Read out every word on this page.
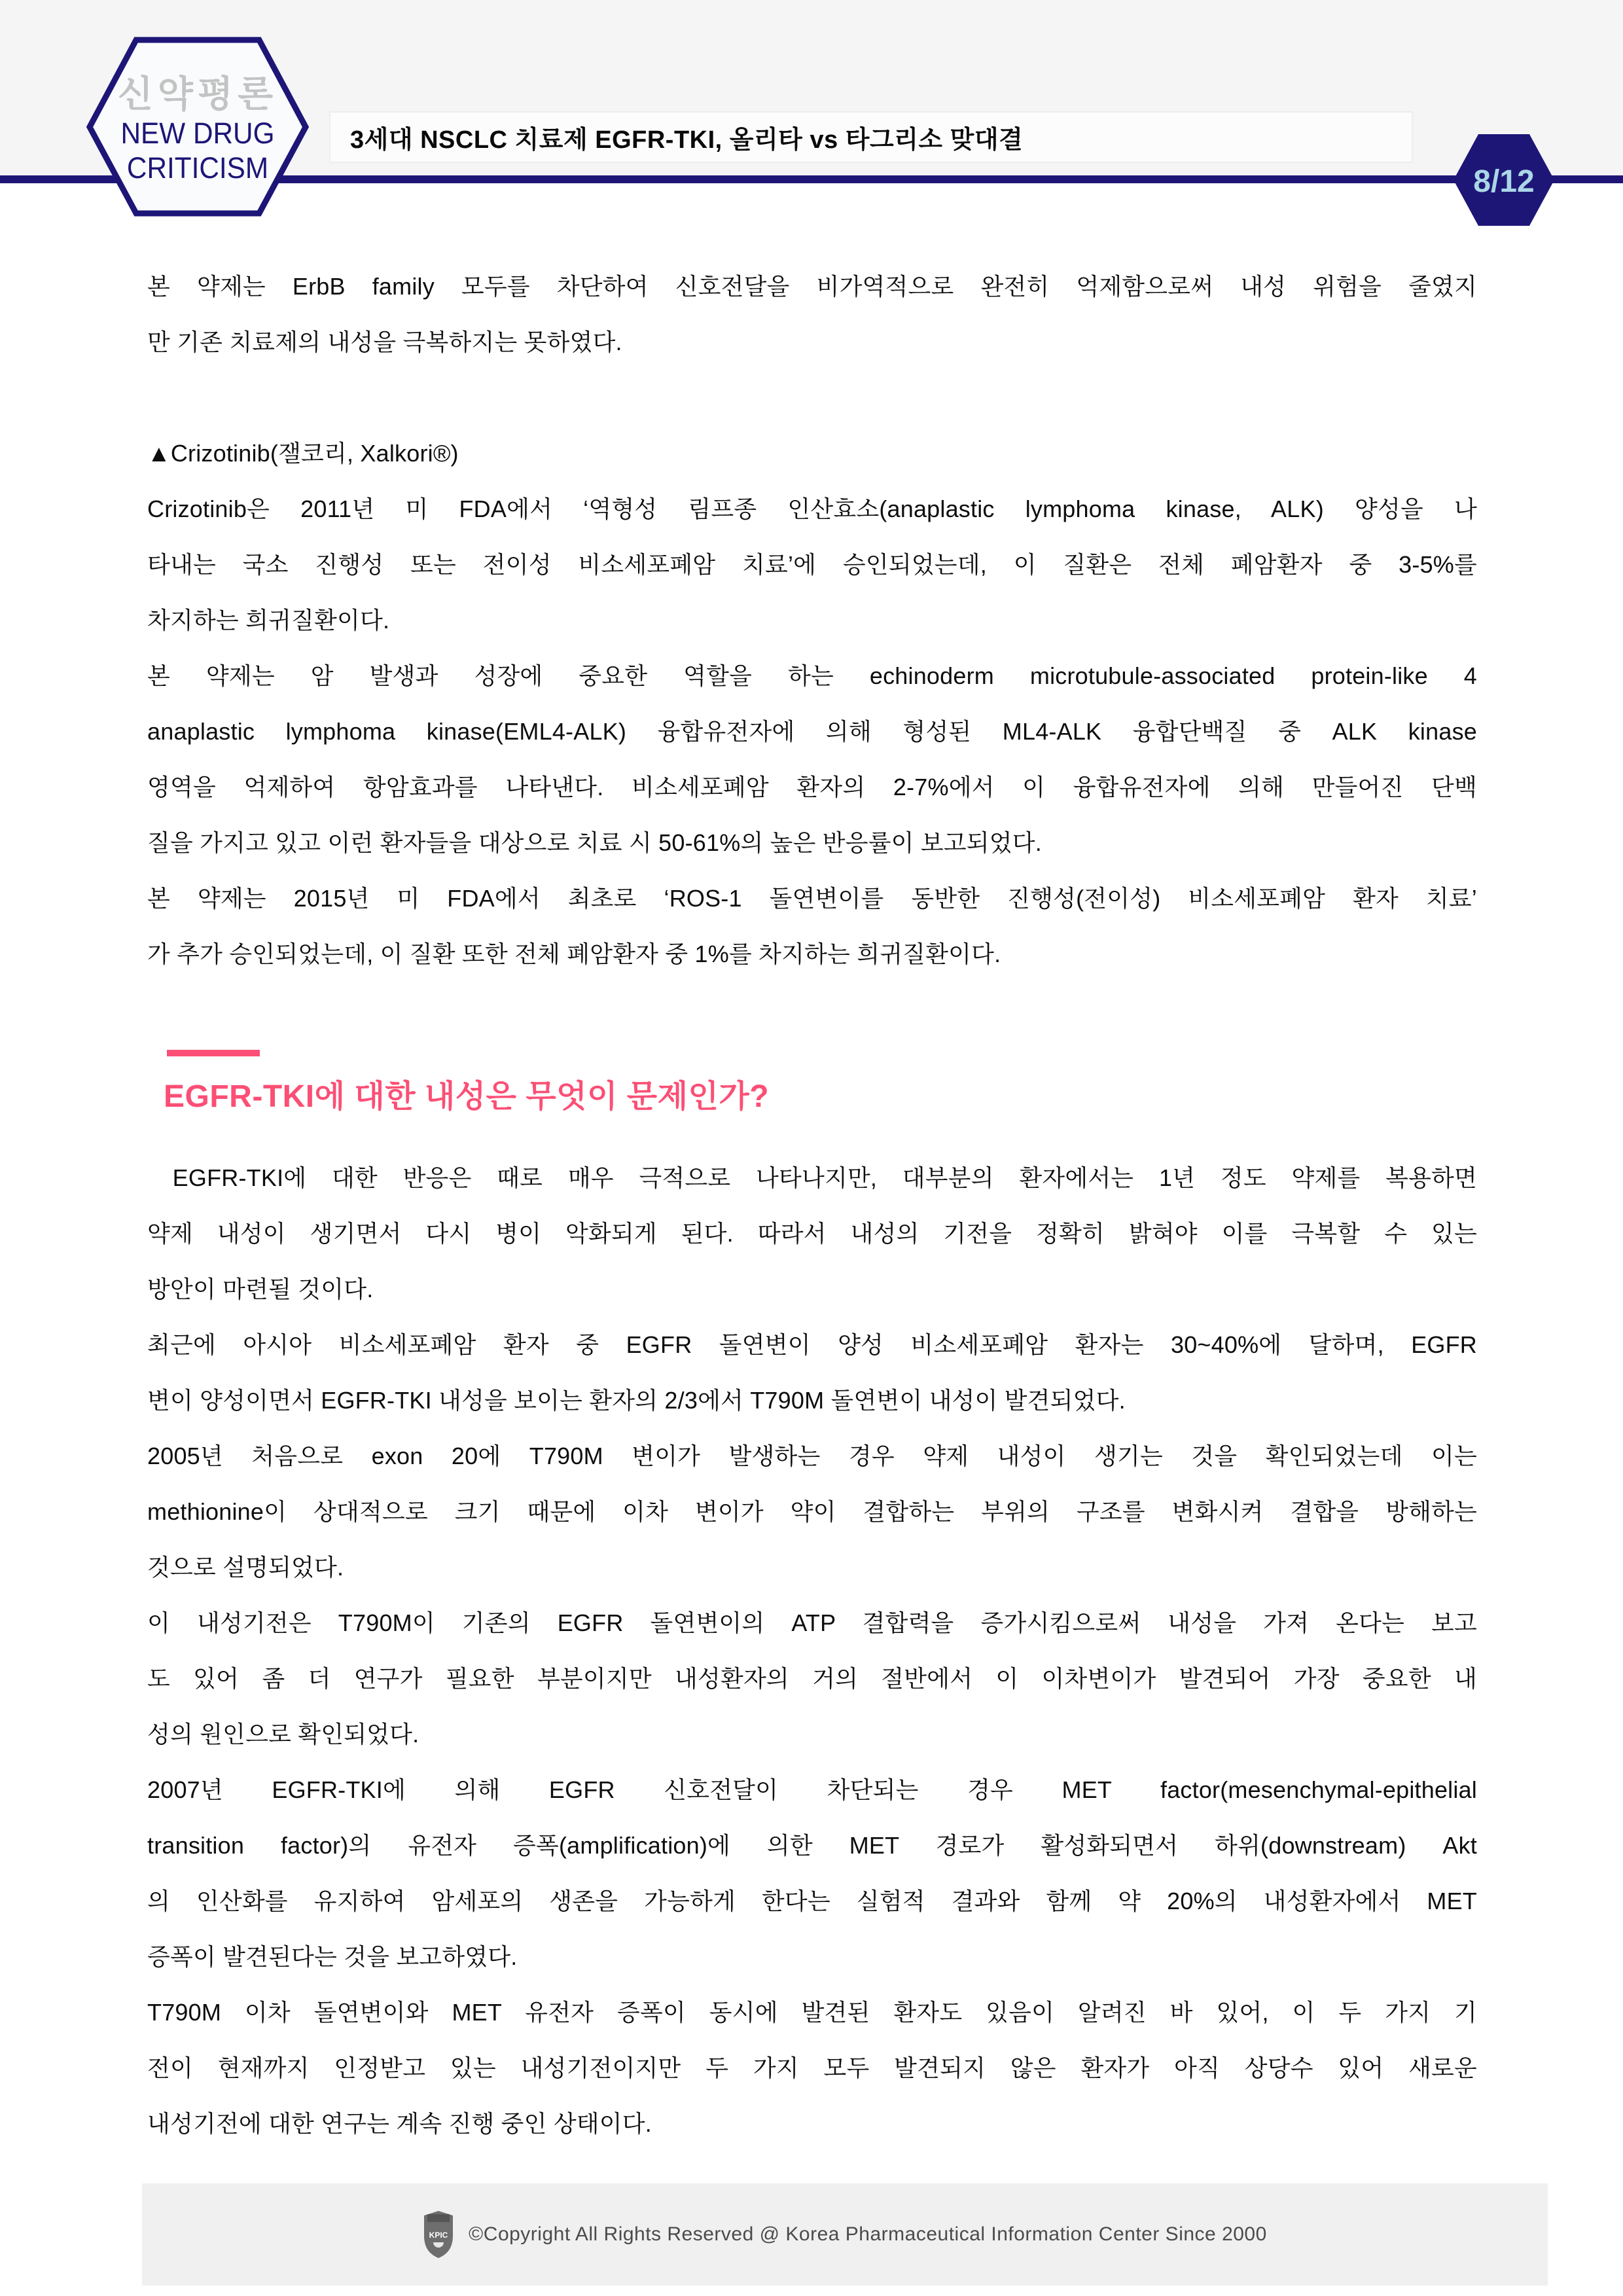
신약평론
NEW DRUG
CRITICISM
3세대 NSCLC 치료제 EGFR-TKI, 올리타 vs 타그리소 맞대결
8/12
본 약제는 ErbB family 모두를 차단하여 신호전달을 비가역적으로 완전히 억제함으로써 내성 위험을 줄였지
만 기존 치료제의 내성을 극복하지는 못하였다.
▲Crizotinib(잴코리, Xalkori®)
Crizotinib은 2011년 미 FDA에서 ‘역형성 림프종 인산효소(anaplastic lymphoma kinase, ALK) 양성을 나
타내는 국소 진행성 또는 전이성 비소세포폐암 치료’에 승인되었는데, 이 질환은 전체 폐암환자 중 3-5%를
차지하는 희귀질환이다.
본 약제는 암 발생과 성장에 중요한 역할을 하는 echinoderm microtubule-associated protein-like 4
anaplastic lymphoma kinase(EML4-ALK) 융합유전자에 의해 형성된 ML4-ALK 융합단백질 중 ALK kinase
영역을 억제하여 항암효과를 나타낸다. 비소세포폐암 환자의 2-7%에서 이 융합유전자에 의해 만들어진 단백
질을 가지고 있고 이런 환자들을 대상으로 치료 시 50-61%의 높은 반응률이 보고되었다.
본 약제는 2015년 미 FDA에서 최초로 ‘ROS-1 돌연변이를 동반한 진행성(전이성) 비소세포폐암 환자 치료’
가 추가 승인되었는데, 이 질환 또한 전체 폐암환자 중 1%를 차지하는 희귀질환이다.
EGFR-TKI에 대한 내성은 무엇이 문제인가?
EGFR-TKI에 대한 반응은 때로 매우 극적으로 나타나지만, 대부분의 환자에서는 1년 정도 약제를 복용하면
약제 내성이 생기면서 다시 병이 악화되게 된다. 따라서 내성의 기전을 정확히 밝혀야 이를 극복할 수 있는
방안이 마련될 것이다.
최근에 아시아 비소세포폐암 환자 중 EGFR 돌연변이 양성 비소세포폐암 환자는 30~40%에 달하며, EGFR
변이 양성이면서 EGFR-TKI 내성을 보이는 환자의 2/3에서 T790M 돌연변이 내성이 발견되었다.
2005년 처음으로 exon 20에 T790M 변이가 발생하는 경우 약제 내성이 생기는 것을 확인되었는데 이는
methionine이 상대적으로 크기 때문에 이차 변이가 약이 결합하는 부위의 구조를 변화시켜 결합을 방해하는
것으로 설명되었다.
이 내성기전은 T790M이 기존의 EGFR 돌연변이의 ATP 결합력을 증가시킴으로써 내성을 가져 온다는 보고
도 있어 좀 더 연구가 필요한 부분이지만 내성환자의 거의 절반에서 이 이차변이가 발견되어 가장 중요한 내
성의 원인으로 확인되었다.
2007년 EGFR-TKI에 의해 EGFR 신호전달이 차단되는 경우 MET factor(mesenchymal-epithelial
transition factor)의 유전자 증폭(amplification)에 의한 MET 경로가 활성화되면서 하위(downstream) Akt
의 인산화를 유지하여 암세포의 생존을 가능하게 한다는 실험적 결과와 함께 약 20%의 내성환자에서 MET
증폭이 발견된다는 것을 보고하였다.
T790M 이차 돌연변이와 MET 유전자 증폭이 동시에 발견된 환자도 있음이 알려진 바 있어, 이 두 가지 기
전이 현재까지 인정받고 있는 내성기전이지만 두 가지 모두 발견되지 않은 환자가 아직 상당수 있어 새로운
내성기전에 대한 연구는 계속 진행 중인 상태이다.
KPIC ©Copyright All Rights Reserved @ Korea Pharmaceutical Information Center Since 2000
